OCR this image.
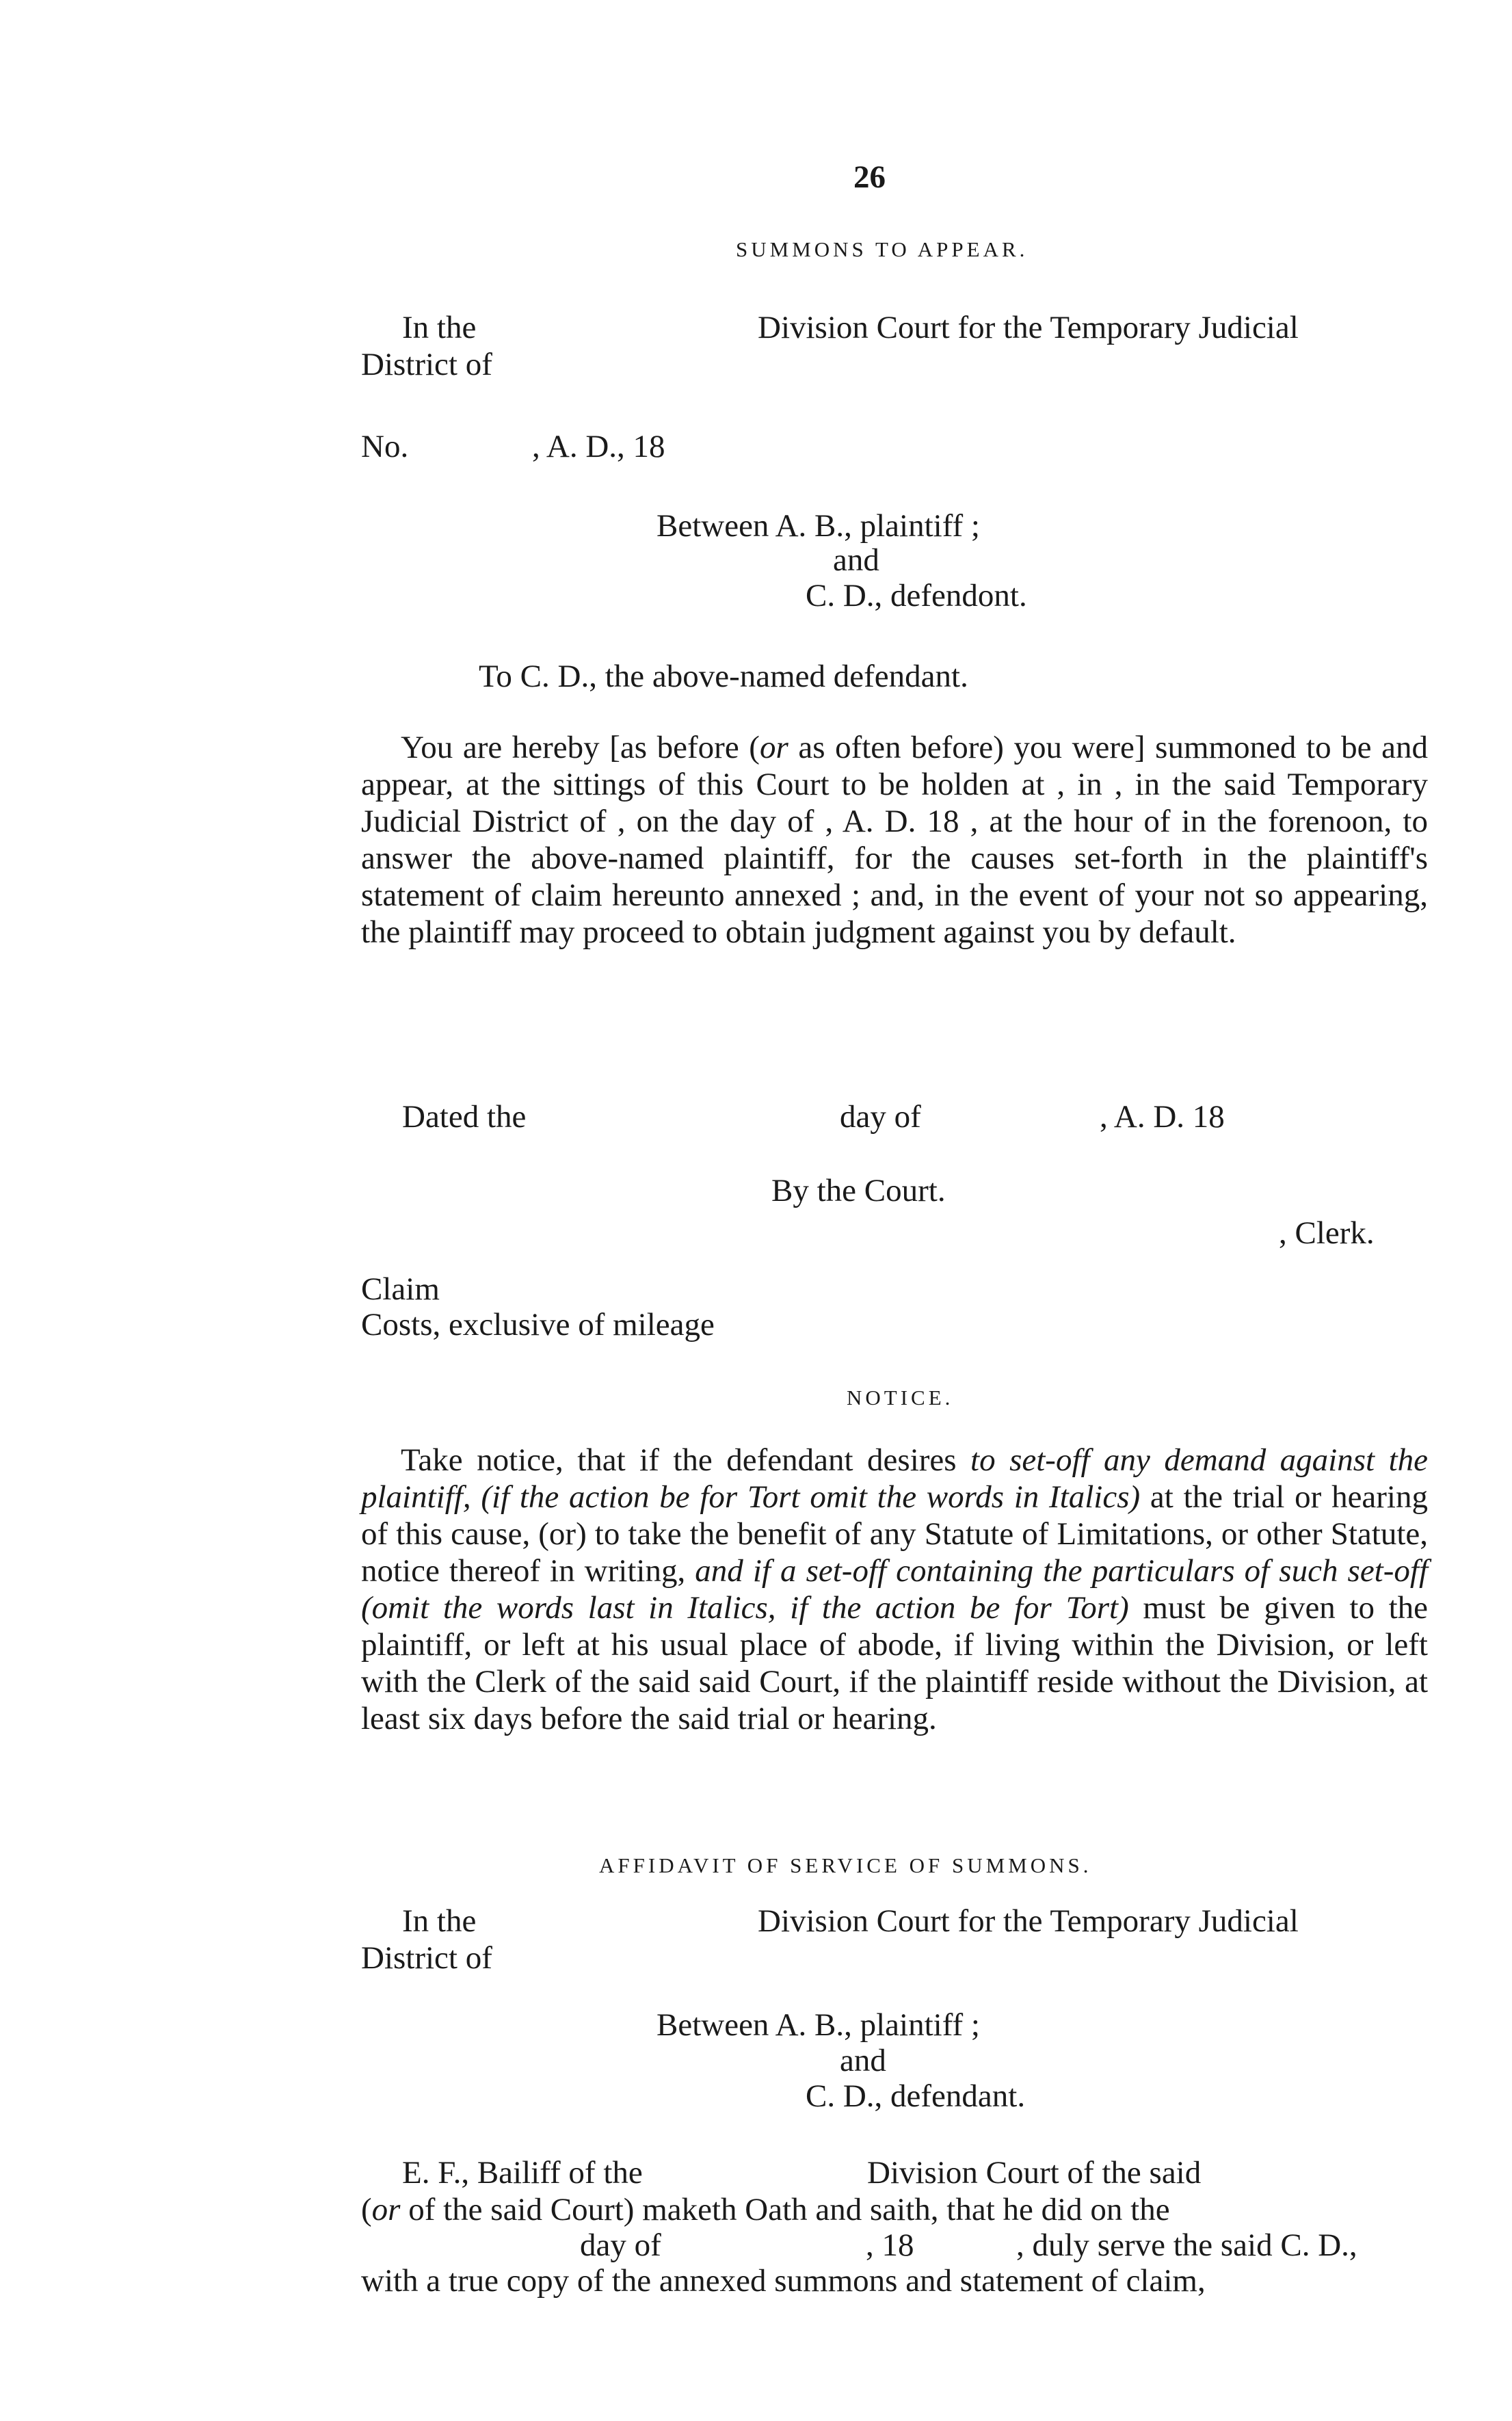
26
SUMMONS TO APPEAR.
In the	Division Court for the Temporary Judicial
District of
No.	, A. D., 18
Between A. B., plaintiff ;
and
C. D., defendont.
To C. D., the above-named defendant.
You are hereby [as before (or as often before) you were] summoned to be and appear, at the sittings of this Court to be holden at , in , in the said Temporary Judicial District of , on the day of , A. D. 18 , at the hour of in the forenoon, to answer the above-named plaintiff, for the causes set-forth in the plaintiff's statement of claim hereunto annexed ; and, in the event of your not so appearing, the plaintiff may proceed to obtain judgment against you by default.
Dated the	day of	, A. D. 18
By the Court.
, Clerk.
Claim
Costs, exclusive of mileage
NOTICE.
Take notice, that if the defendant desires to set-off any demand against the plaintiff, (if the action be for Tort omit the words in Italics) at the trial or hearing of this cause, (or) to take the benefit of any Statute of Limitations, or other Statute, notice thereof in writing, and if a set-off containing the particulars of such set-off (omit the words last in Italics, if the action be for Tort) must be given to the plaintiff, or left at his usual place of abode, if living within the Division, or left with the Clerk of the said said Court, if the plaintiff reside without the Division, at least six days before the said trial or hearing.
AFFIDAVIT OF SERVICE OF SUMMONS.
In the	Division Court for the Temporary Judicial
District of
Between A. B., plaintiff ;
and
C. D., defendant.
E. F., Bailiff of the	Division Court of the said
(or of the said Court) maketh Oath and saith, that he did on the
day of	, 18	, duly serve the said C. D.,
with a true copy of the annexed summons and statement of claim,
